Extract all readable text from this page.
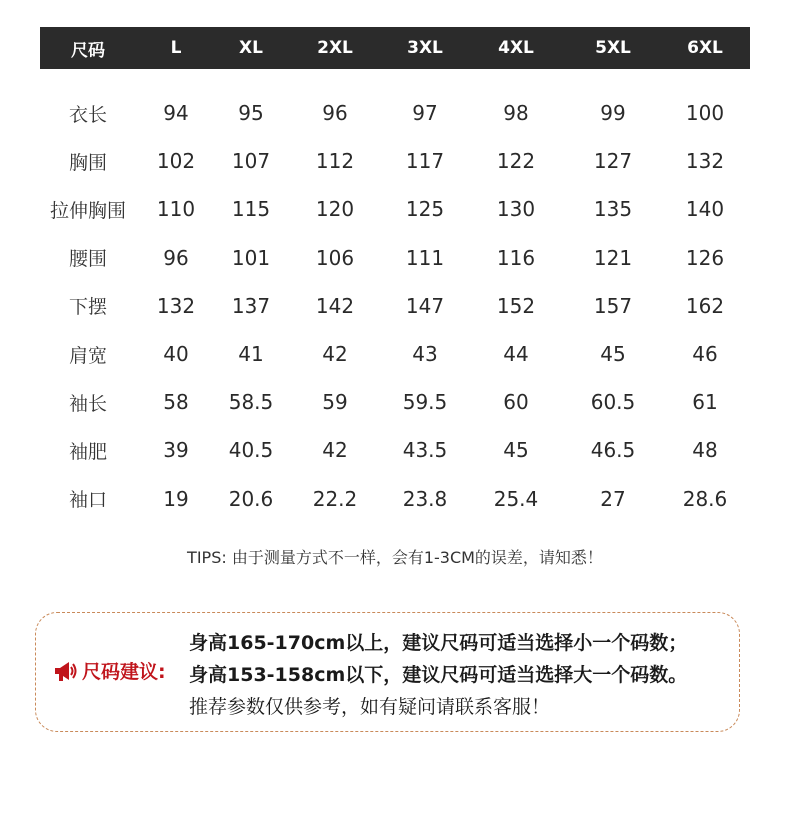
尺码	L	XL	2XL	3XL	4XL	5XL	6XL
衣长	94	95	96	97	98	99	100
胸围	102	107	112	117	122	127	132
拉伸胸围	110	115	120	125	130	135	140
腰围	96	101	106	111	116	121	126
下摆	132	137	142	147	152	157	162
肩宽	40	41	42	43	44	45	46
袖长	58	58.5	59	59.5	60	60.5	61
袖肥	39	40.5	42	43.5	45	46.5	48
袖口	19	20.6	22.2	23.8	25.4	27	28.6
TIPS: 由于测量方式不一样，会有1-3CM的误差，请知悉！
尺码建议:
身高165-170cm以上，建议尺码可适当选择小一个码数；
身高153-158cm以下，建议尺码可适当选择大一个码数。
推荐参数仅供参考，如有疑问请联系客服！
